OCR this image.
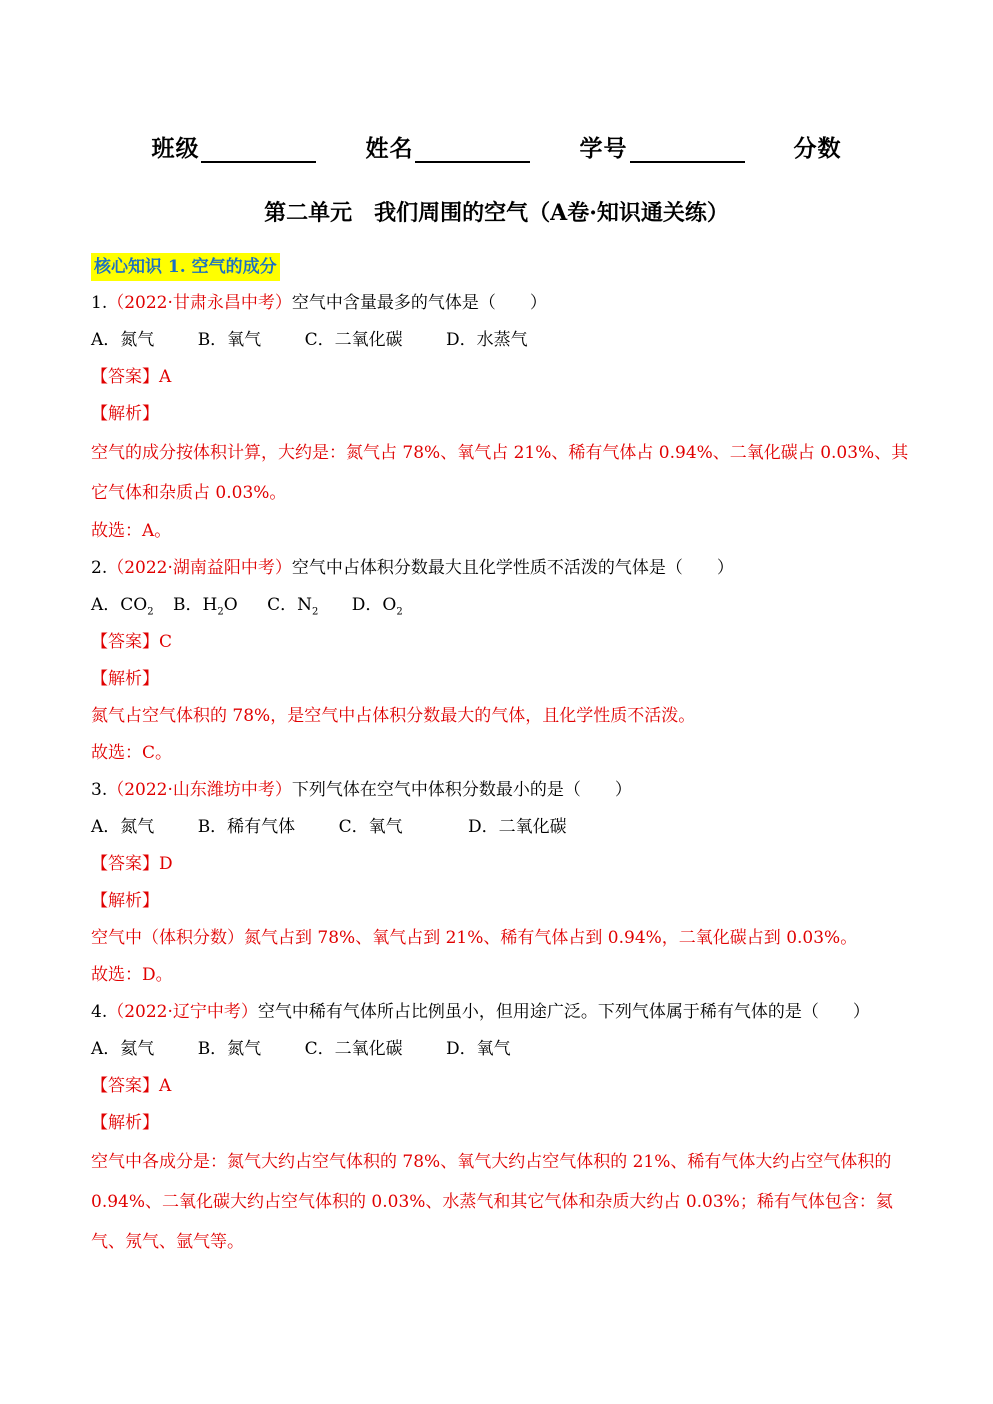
班级	姓名	学号	分数
第二单元　我们周围的空气（A卷·知识通关练）
核心知识 1. 空气的成分
1.（2022·甘肃永昌中考）空气中含量最多的气体是（　　）
A．氮气	B．氧气	C．二氧化碳	D．水蒸气
【答案】A
【解析】
空气的成分按体积计算，大约是：氮气占 78%、氧气占 21%、稀有气体占 0.94%、二氧化碳占 0.03%、其它气体和杂质占 0.03%。
故选：A。
2.（2022·湖南益阳中考）空气中占体积分数最大且化学性质不活泼的气体是（　　）
A．$CO_2$ B．$H_2O$ C．$N_2$ D．$O_2$
【答案】C
【解析】
氮气占空气体积的 78%，是空气中占体积分数最大的气体，且化学性质不活泼。
故选：C。
3.（2022·山东潍坊中考）下列气体在空气中体积分数最小的是（　　）
A．氮气	B．稀有气体	C．氧气	D．二氧化碳
【答案】D
【解析】
空气中（体积分数）氮气占到 78%、氧气占到 21%、稀有气体占到 0.94%，二氧化碳占到 0.03%。
故选：D。
4.（2022·辽宁中考）空气中稀有气体所占比例虽小，但用途广泛。下列气体属于稀有气体的是（　　）
A．氦气	B．氮气	C．二氧化碳	D．氧气
【答案】A
【解析】
空气中各成分是：氮气大约占空气体积的 78%、氧气大约占空气体积的 21%、稀有气体大约占空气体积的 0.94%、二氧化碳大约占空气体积的 0.03%、水蒸气和其它气体和杂质大约占 0.03%；稀有气体包含：氦气、氖气、氩气等。
